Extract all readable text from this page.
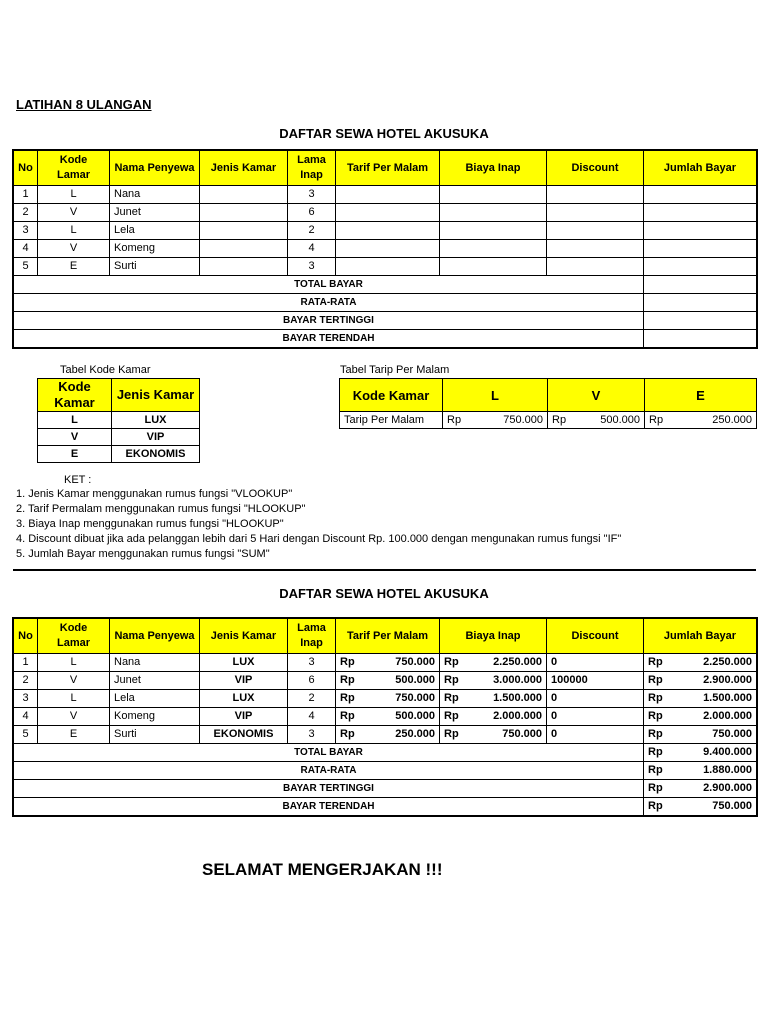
LATIHAN 8 ULANGAN
DAFTAR SEWA HOTEL AKUSUKA
No	Kode Lamar	Nama Penyewa	Jenis Kamar	Lama Inap	Tarif Per Malam	Biaya Inap	Discount	Jumlah Bayar
1	L	Nana		3				
2	V	Junet		6				
3	L	Lela		2				
4	V	Komeng		4				
5	E	Surti		3				
TOTAL BAYAR								
RATA-RATA								
BAYAR TERTINGGI								
BAYAR TERENDAH								
Tabel Kode Kamar
Kode Kamar	Jenis Kamar
L	LUX
V	VIP
E	EKONOMIS
Tabel Tarip Per Malam
Kode Kamar	L	V	E
Tarip Per Malam	Rp 750.000	Rp 500.000	Rp 250.000
KET :
1. Jenis Kamar menggunakan rumus fungsi "VLOOKUP"
2. Tarif Permalam menggunakan rumus fungsi "HLOOKUP"
3. Biaya Inap menggunakan rumus fungsi "HLOOKUP"
4. Discount dibuat jika ada pelanggan lebih dari 5 Hari dengan Discount Rp. 100.000 dengan mengunakan rumus fungsi "IF"
5. Jumlah Bayar menggunakan rumus fungsi "SUM"
DAFTAR SEWA HOTEL AKUSUKA
No	Kode Lamar	Nama Penyewa	Jenis Kamar	Lama Inap	Tarif Per Malam	Biaya Inap	Discount	Jumlah Bayar
1	L	Nana	LUX	3	Rp 750.000	Rp 2.250.000	0	Rp 2.250.000

2	V	Junet	VIP	6	Rp 500.000	Rp 3.000.000	100000	Rp 2.900.000

3	L	Lela	LUX	2	Rp 750.000	Rp 1.500.000	0	Rp 1.500.000

4	V	Komeng	VIP	4	Rp 500.000	Rp 2.000.000	0	Rp 2.000.000

5	E	Surti	EKONOMIS	3	Rp 250.000	Rp 750.000	0	Rp 750.000

TOTAL BAYAR								Rp 9.400.000

RATA-RATA								Rp 1.880.000

BAYAR TERTINGGI								Rp 2.900.000

BAYAR TERENDAH								Rp 750.000
SELAMAT MENGERJAKAN !!!
